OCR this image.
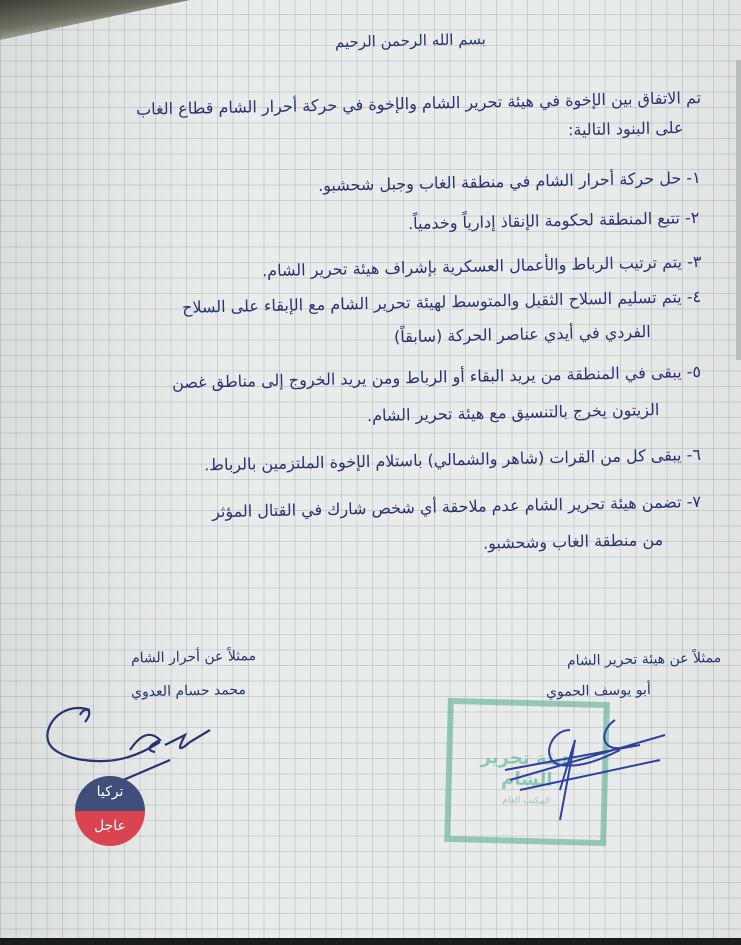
بسم الله الرحمن الرحيم
تم الاتفاق بين الإخوة في هيئة تحرير الشام والإخوة في حركة أحرار الشام قطاع الغاب
على البنود التالية:
١- حل حركة أحرار الشام في منطقة الغاب وجبل شحشبو.
٢- تتبع المنطقة لحكومة الإنقاذ إدارياً وخدمياً.
٣- يتم ترتيب الرباط والأعمال العسكرية بإشراف هيئة تحرير الشام.
٤- يتم تسليم السلاح الثقيل والمتوسط لهيئة تحرير الشام مع الإبقاء على السلاح
الفردي في أيدي عناصر الحركة (سابقاً)
٥- يبقى في المنطقة من يريد البقاء أو الرباط ومن يريد الخروج إلى مناطق غصن
الزيتون يخرج بالتنسيق مع هيئة تحرير الشام.
٦- يبقى كل من القرات (شاهر والشمالي) باستلام الإخوة الملتزمين بالرباط.
٧- تضمن هيئة تحرير الشام عدم ملاحقة أي شخص شارك في القتال المؤثر
من منطقة الغاب وشحشبو.
ممثلاً عن هيئة تحرير الشام
أبو يوسف الحموي
ممثلاً عن أحرار الشام
محمد حسام العدوي
هيئة تحرير الشام
المكتب العام
تركيا
عاجل
